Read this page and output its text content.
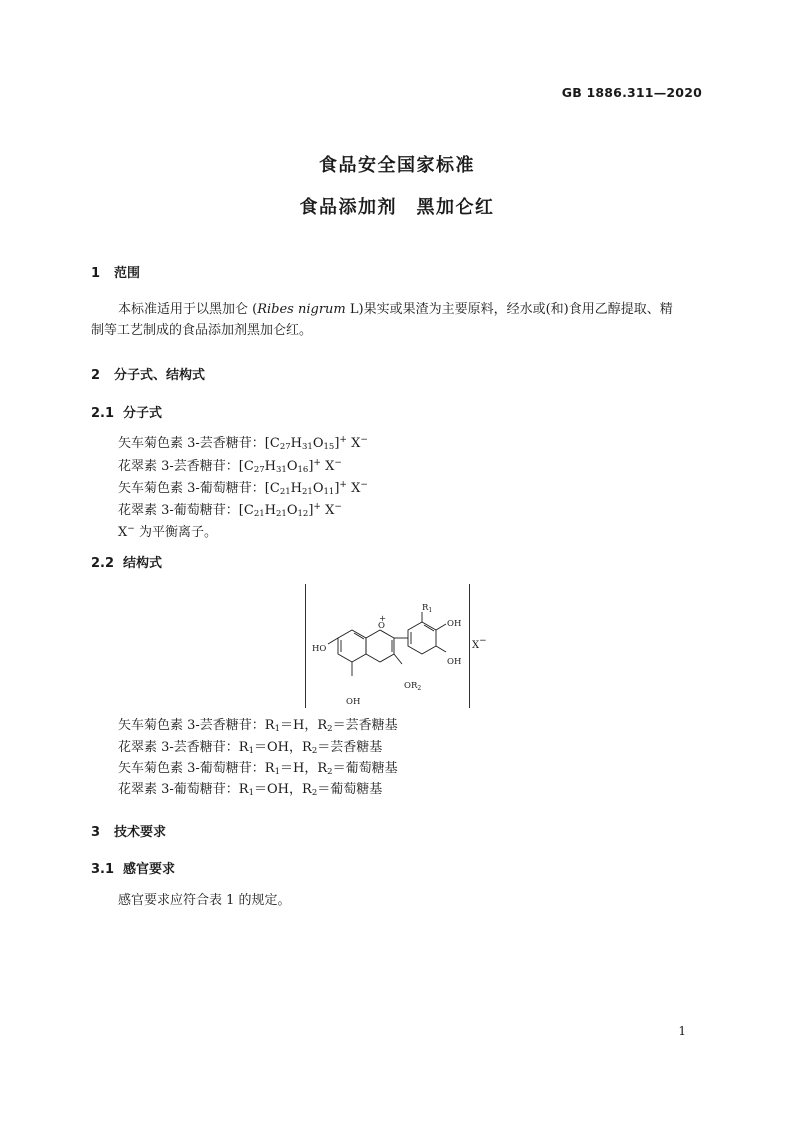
GB 1886.311—2020
食品安全国家标准
食品添加剂　黑加仑红
1 范围
本标准适用于以黑加仑 (Ribes nigrum L)果实或果渣为主要原料，经水或(和)食用乙醇提取、精
制等工艺制成的食品添加剂黑加仑红。
2 分子式、结构式
2.1 分子式
矢车菊色素 3-芸香糖苷：$[C_{27}H_{31}O_{15}]^+$ X−
花翠素 3-芸香糖苷：$[C_{27}H_{31}O_{16}]^+$ X−
矢车菊色素 3-葡萄糖苷：$[C_{21}H_{21}O_{11}]^+$ X−
花翠素 3-葡萄糖苷：$[C_{21}H_{21}O_{12}]^+$ X−
X− 为平衡离子。
2.2 结构式
O
+
$R_1$
OH
OH
HO
OH
$OR_2$
X−
矢车菊色素 3-芸香糖苷：$R_1=H$，$R_2=$芸香糖基
花翠素 3-芸香糖苷：$R_1=OH$，$R_2=$芸香糖基
矢车菊色素 3-葡萄糖苷：$R_1=H$，$R_2=$葡萄糖基
花翠素 3-葡萄糖苷：$R_1=OH$，$R_2=$葡萄糖基
3 技术要求
3.1 感官要求
感官要求应符合表 1 的规定。
1
